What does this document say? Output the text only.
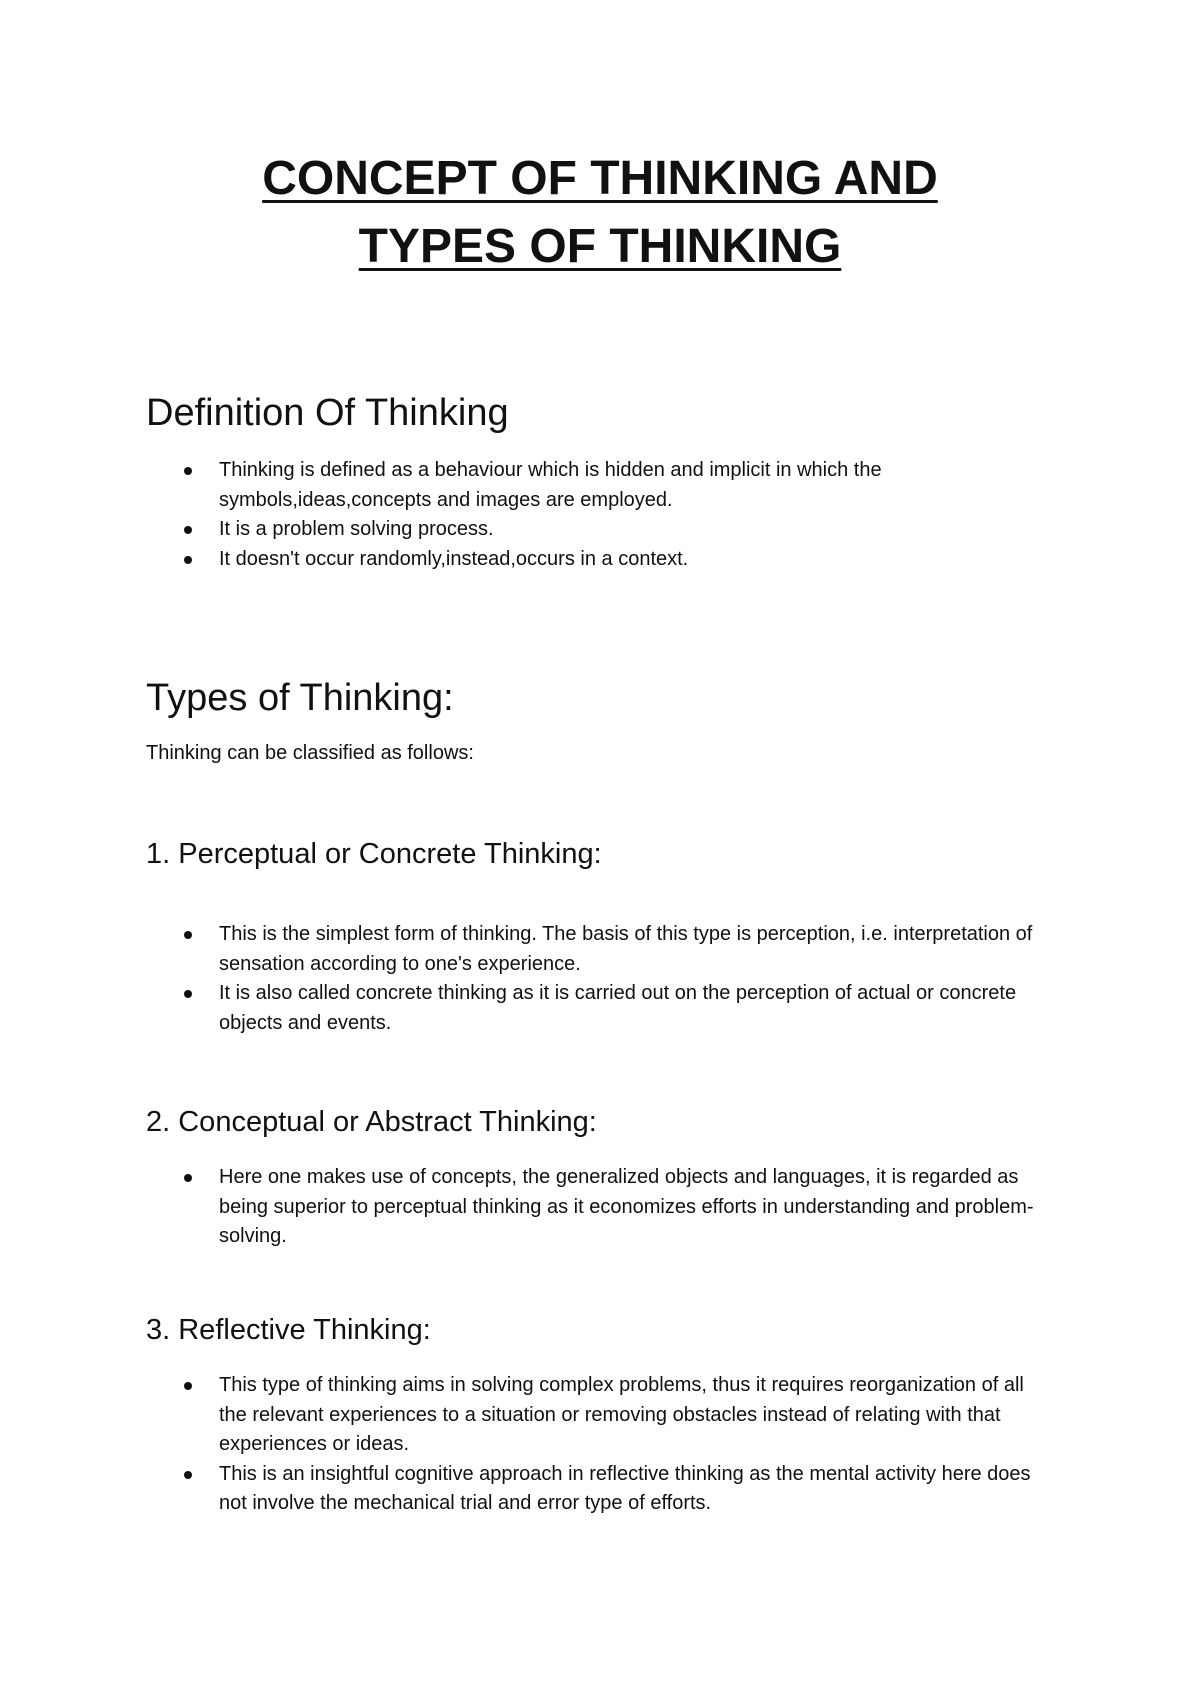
CONCEPT OF THINKING AND
TYPES OF THINKING
Definition Of Thinking
Thinking is defined as a behaviour which is hidden and implicit in which the symbols,ideas,concepts and images are employed.
It is a problem solving process.
It doesn't occur randomly,instead,occurs in a context.
Types of Thinking:

Thinking can be classified as follows:

1. Perceptual or Concrete Thinking:
This is the simplest form of thinking. The basis of this type is perception, i.e. interpretation of sensation according to one's experience.
It is also called concrete thinking as it is carried out on the perception of actual or concrete objects and events.
2. Conceptual or Abstract Thinking:
Here one makes use of concepts, the generalized objects and languages, it is regarded as being superior to perceptual thinking as it economizes efforts in understanding and problem-solving.
3. Reflective Thinking:
This type of thinking aims in solving complex problems, thus it requires reorganization of all the relevant experiences to a situation or removing obstacles instead of relating with that experiences or ideas.
This is an insightful cognitive approach in reflective thinking as the mental activity here does not involve the mechanical trial and error type of efforts.
